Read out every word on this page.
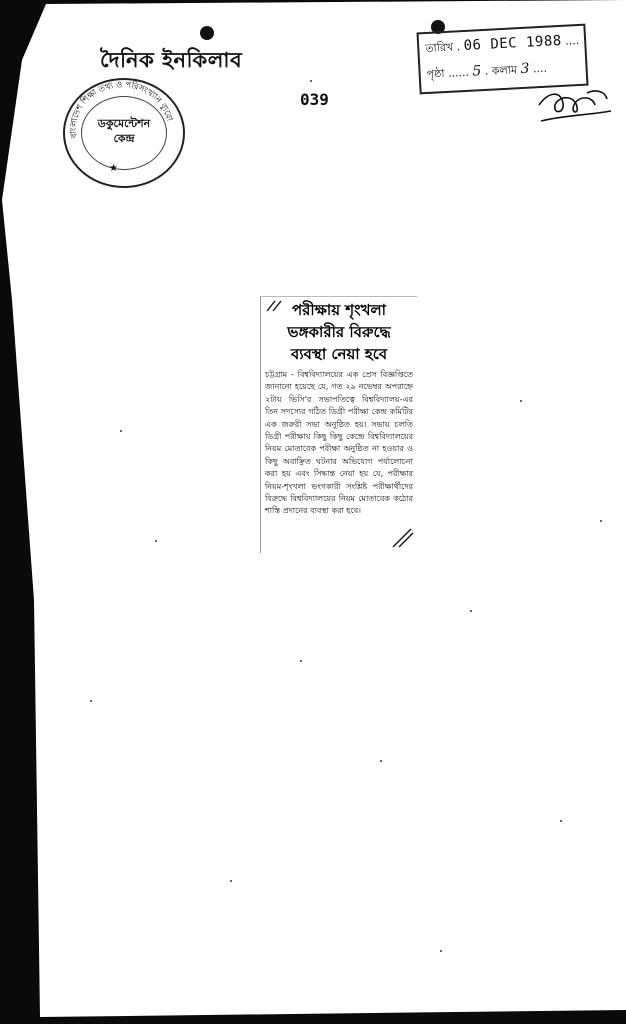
দৈনিক ইনকিলাব
039
বাংলাদেশ শিক্ষা তথ্য ও পরিসংখ্যান ব্যুরো
★
ডকুমেন্টেশন
কেন্দ্র
তারিখ . 06 DEC 1988 ....
পৃষ্ঠা ...... 5 . কলাম 3 ....
পরীক্ষায় শৃংখলা
ভঙ্গকারীর বিরুদ্ধে
ব্যবস্থা নেয়া হবে
চট্টগ্রাম - বিশ্ববিদ্যালয়ের এক প্রেস বিজ্ঞপ্তিতে জানানো হয়েছে যে, গত ২৯ নভেম্বর অপরাহ্নে ২টায় ভিসি'র সভাপতিত্বে বিশ্ববিদ্যালয়-এর তিন সদস্যের গঠিত ডিগ্রী পরীক্ষা কেন্দ্র কমিটির এক জরুরী সভা অনুষ্ঠিত হয়। সভায় চলতি ডিগ্রী পরীক্ষায় কিছু কিছু কেন্দ্রে বিশ্ববিদ্যালয়ের নিয়ম মোতাবেক পরীক্ষা অনুষ্ঠিত না হওয়ার ও কিছু অবাঞ্ছিত ঘটনার অভিযোগ পর্যালোচনা করা হয় এবং সিদ্ধান্ত নেয়া হয় যে, পরীক্ষার নিয়ম-শৃংখলা ভংগকারী সংশ্লিষ্ট পরীক্ষার্থীদের বিরুদ্ধে বিশ্ববিদ্যালয়ের নিয়ম মোতাবেক কঠোর শাস্তি প্রদানের ব্যবস্থা করা হবে।
